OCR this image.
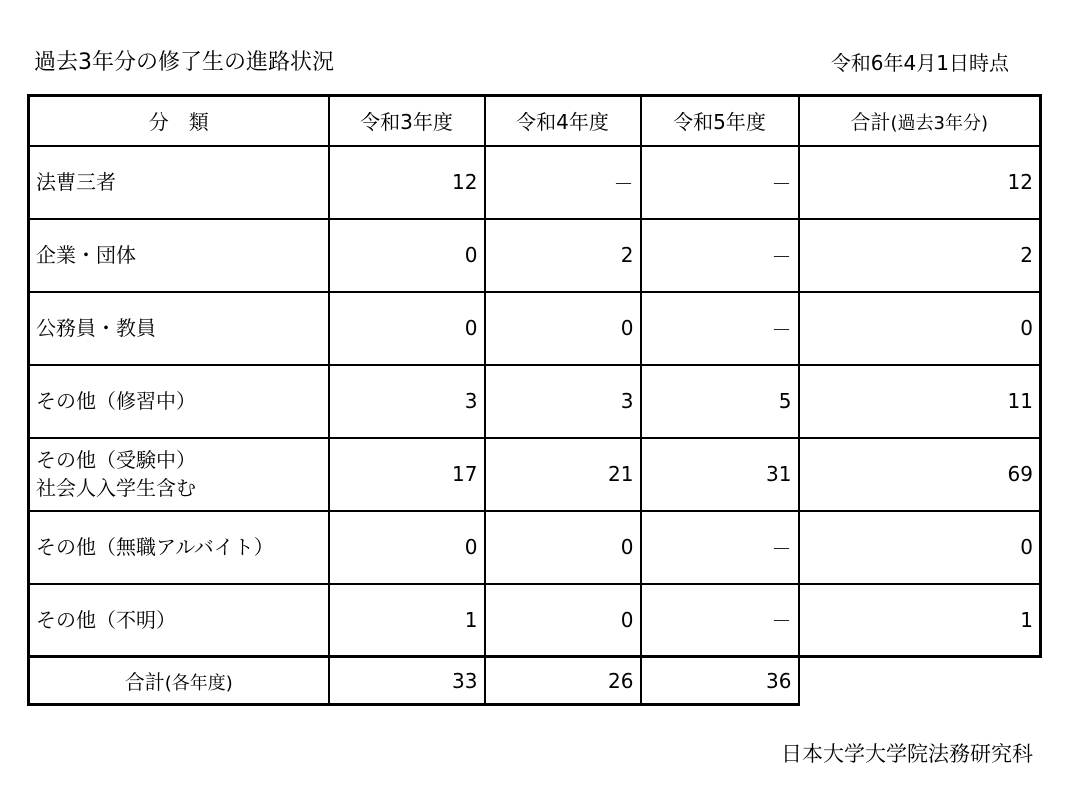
過去3年分の修了生の進路状況	令和6年4月1日時点
分　類	令和3年度	令和4年度	令和5年度	合計(過去3年分)
法曹三者	12	－	－	12
企業・団体	0	2	－	2
公務員・教員	0	0	－	0
その他（修習中）	3	3	5	11

その他（受験中）
社会人入学生含む	17	21	31	69
その他（無職アルバイト）	0	0	－	0
その他（不明）	1	0	－	1
合計(各年度)	33	26	36	
日本大学大学院法務研究科
